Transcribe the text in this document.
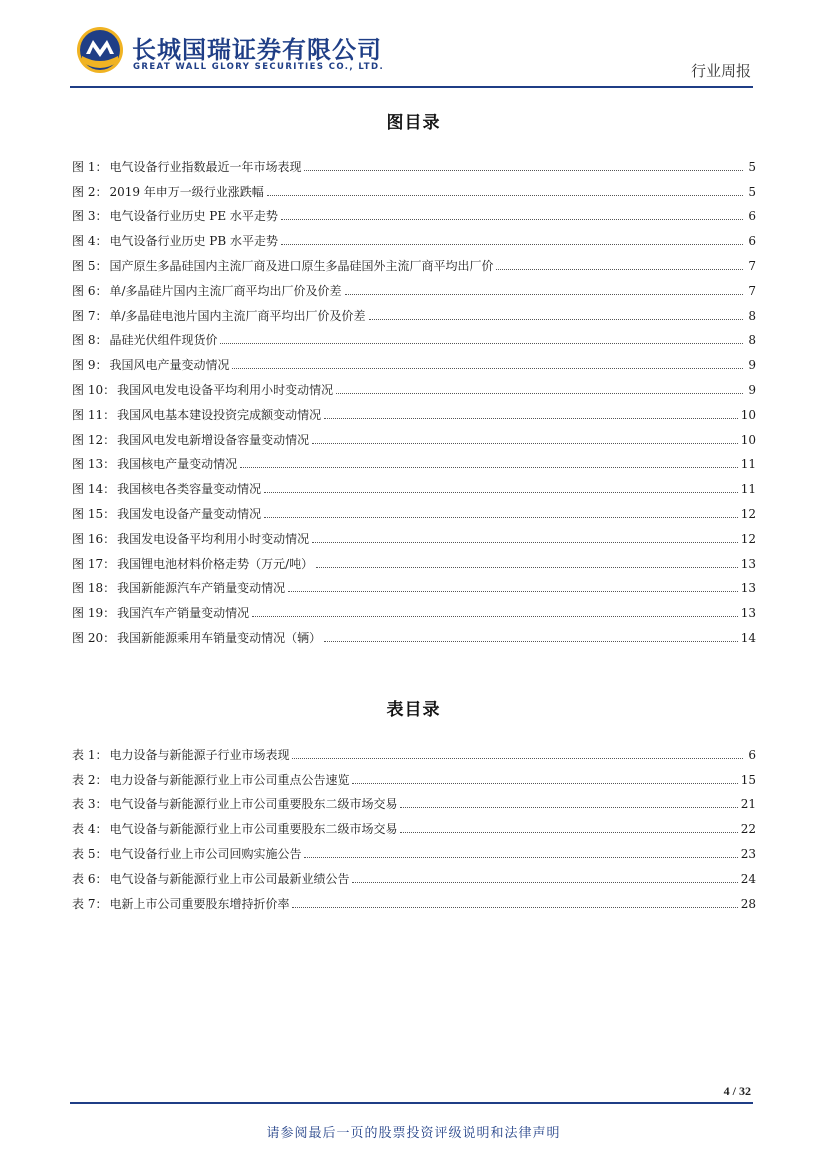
长城国瑞证券有限公司
GREAT WALL GLORY SECURITIES CO., LTD.	行业周报
图目录
图 1： 电气设备行业指数最近一年市场表现	5
图 2： 2019 年申万一级行业涨跌幅	5
图 3： 电气设备行业历史 PE 水平走势	6
图 4： 电气设备行业历史 PB 水平走势	6
图 5： 国产原生多晶硅国内主流厂商及进口原生多晶硅国外主流厂商平均出厂价	7
图 6： 单/多晶硅片国内主流厂商平均出厂价及价差	7
图 7： 单/多晶硅电池片国内主流厂商平均出厂价及价差	8
图 8： 晶硅光伏组件现货价	8
图 9： 我国风电产量变动情况	9
图 10： 我国风电发电设备平均利用小时变动情况	9
图 11： 我国风电基本建设投资完成额变动情况	10
图 12： 我国风电发电新增设备容量变动情况	10
图 13： 我国核电产量变动情况	11
图 14： 我国核电各类容量变动情况	11
图 15： 我国发电设备产量变动情况	12
图 16： 我国发电设备平均利用小时变动情况	12
图 17： 我国锂电池材料价格走势（万元/吨）	13
图 18： 我国新能源汽车产销量变动情况	13
图 19： 我国汽车产销量变动情况	13
图 20： 我国新能源乘用车销量变动情况（辆）	14
表目录
表 1： 电力设备与新能源子行业市场表现	6
表 2： 电力设备与新能源行业上市公司重点公告速览	15
表 3： 电气设备与新能源行业上市公司重要股东二级市场交易	21
表 4： 电气设备与新能源行业上市公司重要股东二级市场交易	22
表 5： 电气设备行业上市公司回购实施公告	23
表 6： 电气设备与新能源行业上市公司最新业绩公告	24
表 7： 电新上市公司重要股东增持折价率	28
4 / 32
请参阅最后一页的股票投资评级说明和法律声明
